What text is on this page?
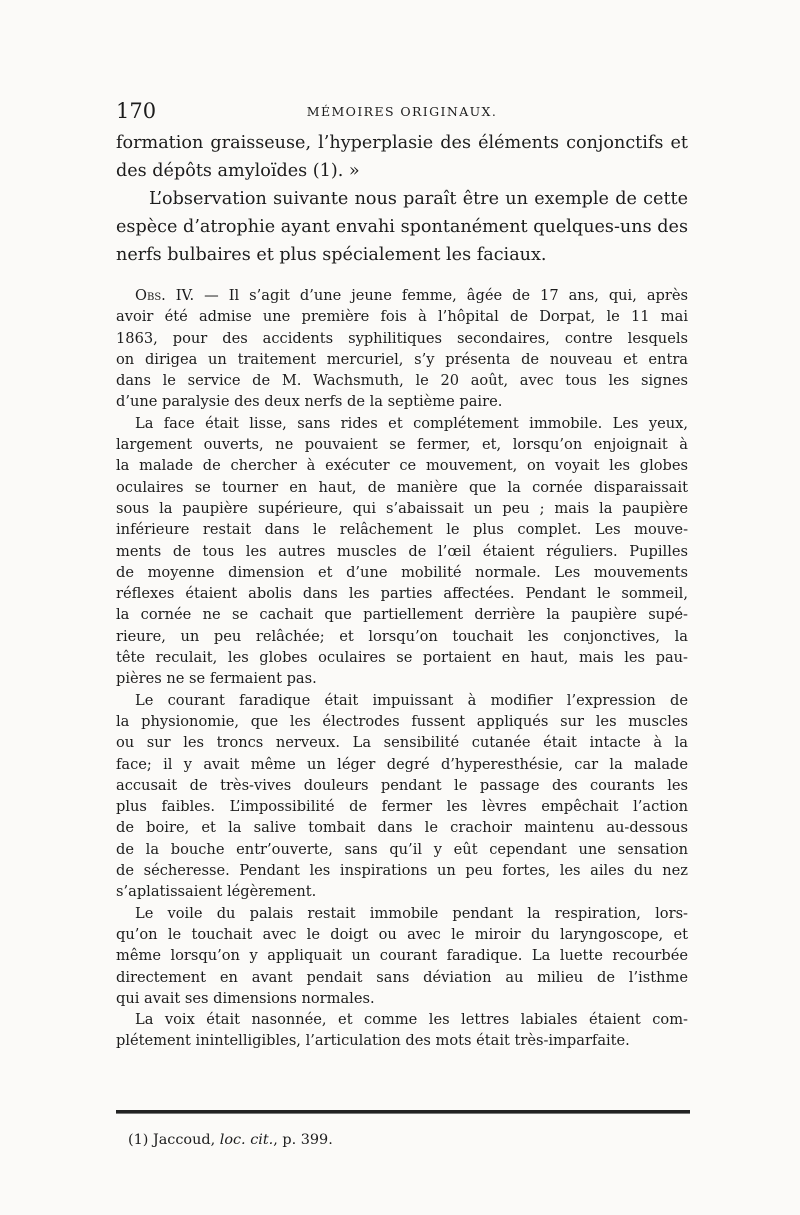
170	MÉMOIRES ORIGINAUX.
formation graisseuse, l’hyperplasie des éléments conjonctifs et
des dépôts amyloïdes (1). »
L’observation suivante nous paraît être un exemple de cette
espèce d’atrophie ayant envahi spontanément quelques-uns des
nerfs bulbaires et plus spécialement les faciaux.
Obs. IV. — Il s’agit d’une jeune femme, âgée de 17 ans, qui, après
avoir été admise une première fois à l’hôpital de Dorpat, le 11 mai
1863, pour des accidents syphilitiques secondaires, contre lesquels
on dirigea un traitement mercuriel, s’y présenta de nouveau et entra
dans le service de M. Wachsmuth, le 20 août, avec tous les signes
d’une paralysie des deux nerfs de la septième paire.
La face était lisse, sans rides et complétement immobile. Les yeux,
largement ouverts, ne pouvaient se fermer, et, lorsqu’on enjoignait à
la malade de chercher à exécuter ce mouvement, on voyait les globes
oculaires se tourner en haut, de manière que la cornée disparaissait
sous la paupière supérieure, qui s’abaissait un peu ; mais la paupière
inférieure restait dans le relâchement le plus complet. Les mouve-
ments de tous les autres muscles de l’œil étaient réguliers. Pupilles
de moyenne dimension et d’une mobilité normale. Les mouvements
réflexes étaient abolis dans les parties affectées. Pendant le sommeil,
la cornée ne se cachait que partiellement derrière la paupière supé-
rieure, un peu relâchée; et lorsqu’on touchait les conjonctives, la
tête reculait, les globes oculaires se portaient en haut, mais les pau-
pières ne se fermaient pas.
Le courant faradique était impuissant à modifier l’expression de
la physionomie, que les électrodes fussent appliqués sur les muscles
ou sur les troncs nerveux. La sensibilité cutanée était intacte à la
face; il y avait même un léger degré d’hyperesthésie, car la malade
accusait de très-vives douleurs pendant le passage des courants les
plus faibles. L’impossibilité de fermer les lèvres empêchait l’action
de boire, et la salive tombait dans le crachoir maintenu au-dessous
de la bouche entr’ouverte, sans qu’il y eût cependant une sensation
de sécheresse. Pendant les inspirations un peu fortes, les ailes du nez
s’aplatissaient légèrement.
Le voile du palais restait immobile pendant la respiration, lors-
qu’on le touchait avec le doigt ou avec le miroir du laryngoscope, et
même lorsqu’on y appliquait un courant faradique. La luette recourbée
directement en avant pendait sans déviation au milieu de l’isthme
qui avait ses dimensions normales.
La voix était nasonnée, et comme les lettres labiales étaient com-
plétement inintelligibles, l’articulation des mots était très-imparfaite.
(1) Jaccoud, loc. cit., p. 399.
